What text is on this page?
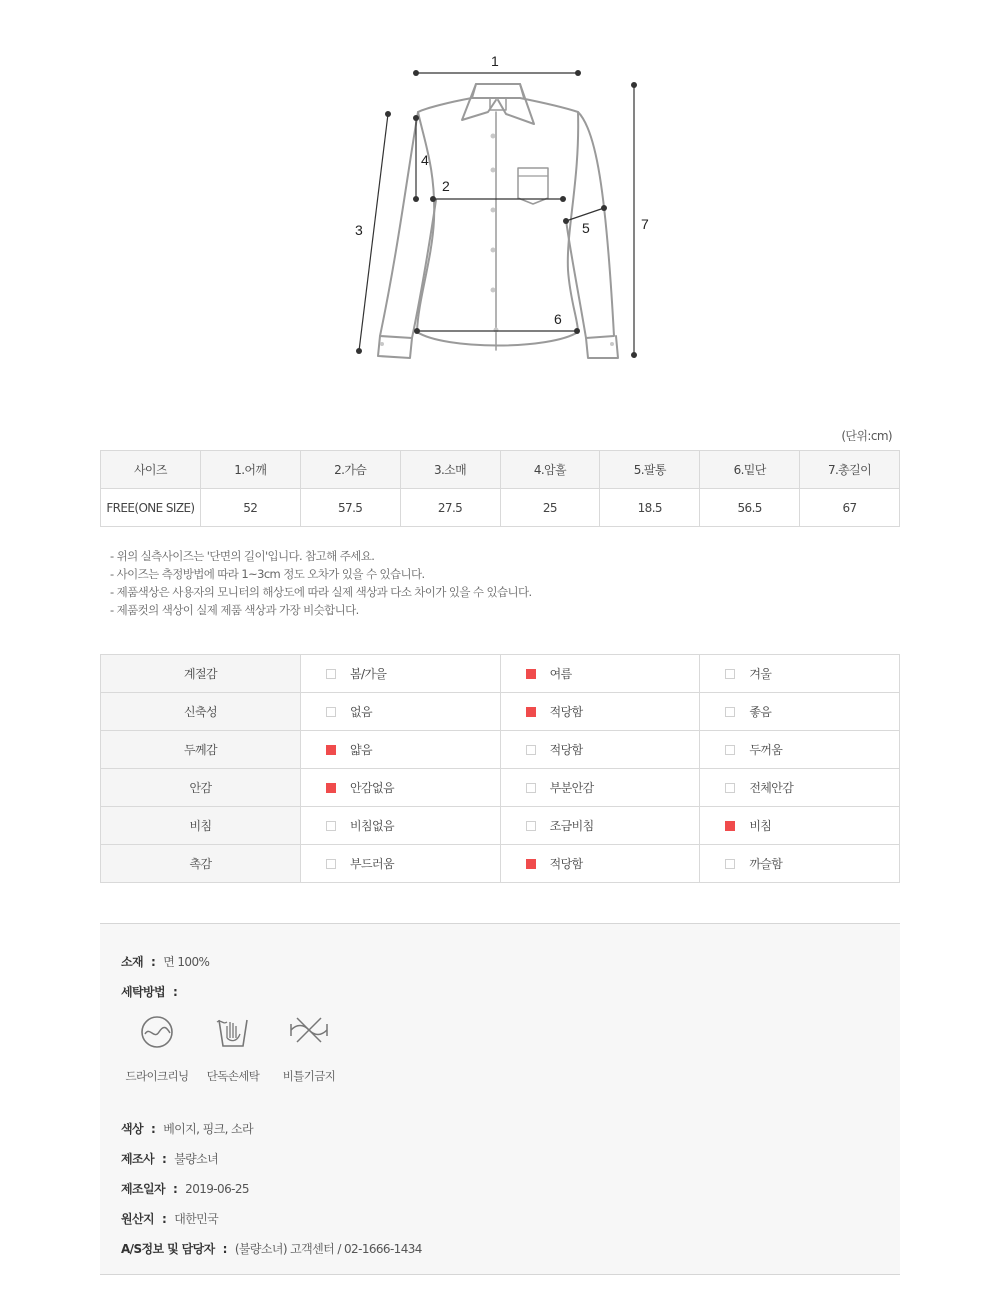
1
2
3
4
5
6
7
(단위:cm)
사이즈	1.어깨	2.가슴	3.소매	4.암홀	5.팔통	6.밑단	7.총길이
FREE(ONE SIZE)	52	57.5	27.5	25	18.5	56.5	67
- 위의 실측사이즈는 '단면의 길이'입니다. 참고해 주세요.
- 사이즈는 측정방법에 따라 1~3cm 정도 오차가 있을 수 있습니다.
- 제품색상은 사용자의 모니터의 해상도에 따라 실제 색상과 다소 차이가 있을 수 있습니다.
- 제품컷의 색상이 실제 제품 색상과 가장 비슷합니다.
계절감	봄/가을	여름	겨울
신축성	없음	적당함	좋음
두께감	얇음	적당함	두꺼움
안감	안감없음	부분안감	전체안감
비침	비침없음	조금비침	비침
촉감	부드러움	적당함	까슬함
소재 : 면 100%
세탁방법 :
색상 : 베이지, 핑크, 소라
제조사 : 불량소녀
제조일자 : 2019-06-25
원산지 : 대한민국
A/S정보 및 담당자 : (불량소녀) 고객센터 / 02-1666-1434
드라이크리닝	단독손세탁	비틀기금지
